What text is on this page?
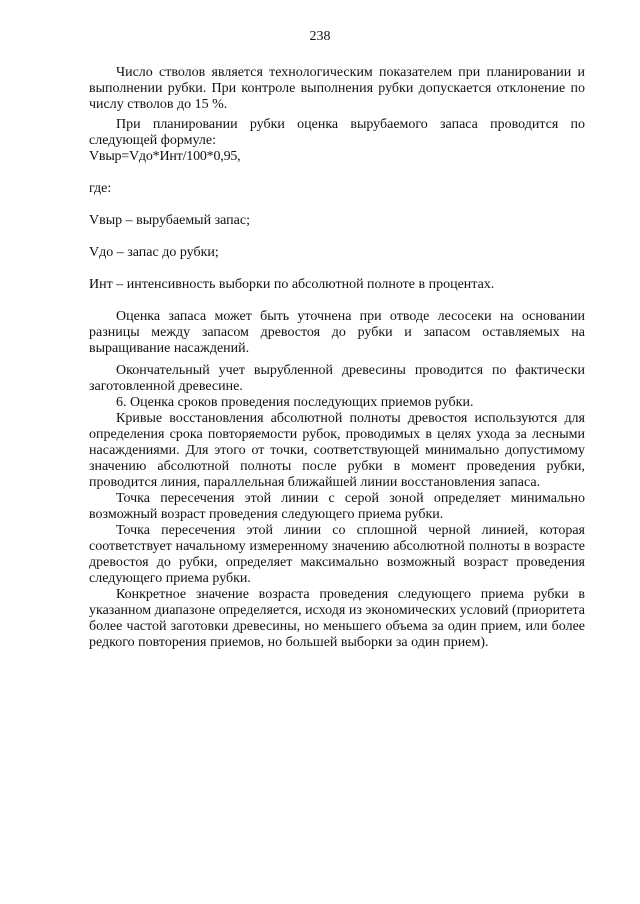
238

Число стволов является технологическим показателем при планировании и выполнении рубки. При контроле выполнения рубки допускается отклонение по числу стволов до 15 %.

При планировании рубки оценка вырубаемого запаса проводится по следующей формуле:

Vвыр=Vдо*Инт/100*0,95,

где:

Vвыр – вырубаемый запас;

Vдо – запас до рубки;

Инт – интенсивность выборки по абсолютной полноте в процентах.

Оценка запаса может быть уточнена при отводе лесосеки на основании разницы между запасом древостоя до рубки и запасом оставляемых на выращивание насаждений.

Окончательный учет вырубленной древесины проводится по фактически заготовленной древесине.

6. Оценка сроков проведения последующих приемов рубки.

Кривые восстановления абсолютной полноты древостоя используются для определения срока повторяемости рубок, проводимых в целях ухода за лесными насаждениями. Для этого от точки, соответствующей минимально допустимому значению абсолютной полноты после рубки в момент проведения рубки, проводится линия, параллельная ближайшей линии восстановления запаса.

Точка пересечения этой линии с серой зоной определяет минимально возможный возраст проведения следующего приема рубки.

Точка пересечения этой линии со сплошной черной линией, которая соответствует начальному измеренному значению абсолютной полноты в возрасте древостоя до рубки, определяет максимально возможный возраст проведения следующего приема рубки.

Конкретное значение возраста проведения следующего приема рубки в указанном диапазоне определяется, исходя из экономических условий (приоритета более частой заготовки древесины, но меньшего объема за один прием, или более редкого повторения приемов, но большей выборки за один прием).
